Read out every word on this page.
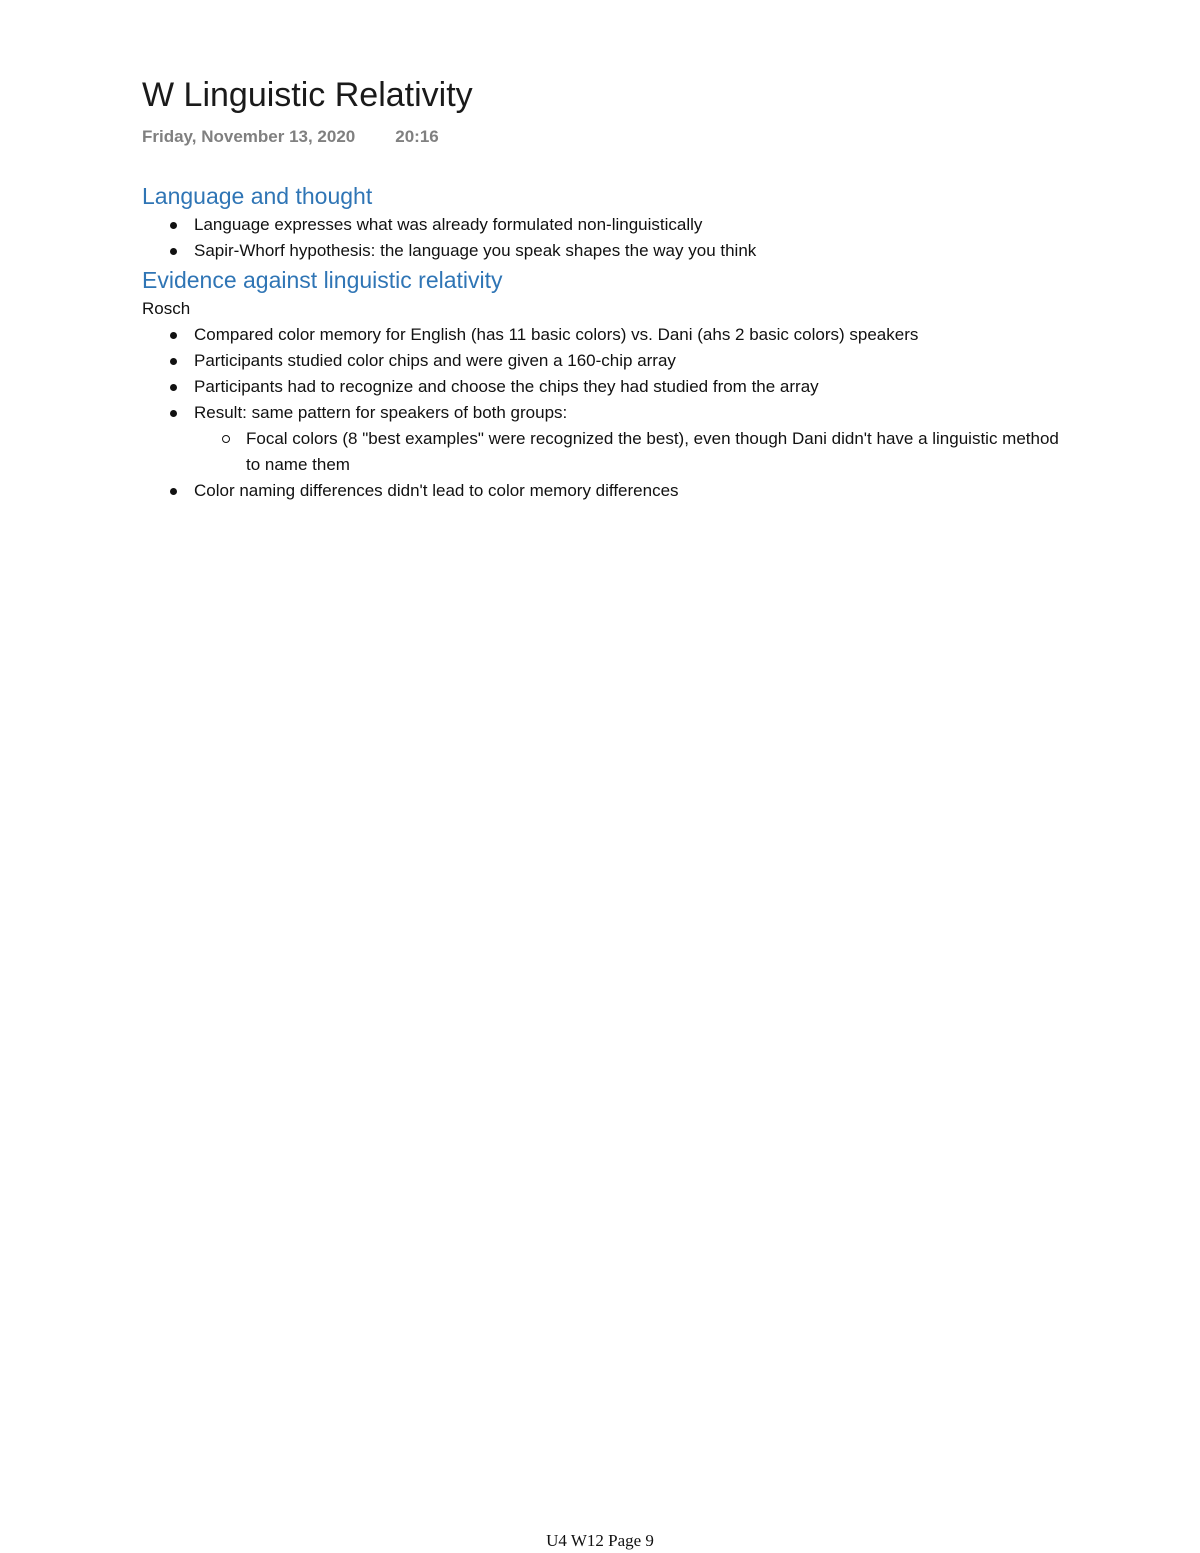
W Linguistic Relativity
Friday, November 13, 2020 20:16
Language and thought
Language expresses what was already formulated non-linguistically
Sapir-Whorf hypothesis: the language you speak shapes the way you think
Evidence against linguistic relativity

Rosch

Compared color memory for English (has 11 basic colors) vs. Dani (ahs 2 basic colors) speakers
Participants studied color chips and were given a 160-chip array
Participants had to recognize and choose the chips they had studied from the array
Result: same pattern for speakers of both groups:
Focal colors (8 "best examples" were recognized the best), even though Dani didn't have a linguistic method to name them
Color naming differences didn't lead to color memory differences
U4 W12 Page 9
